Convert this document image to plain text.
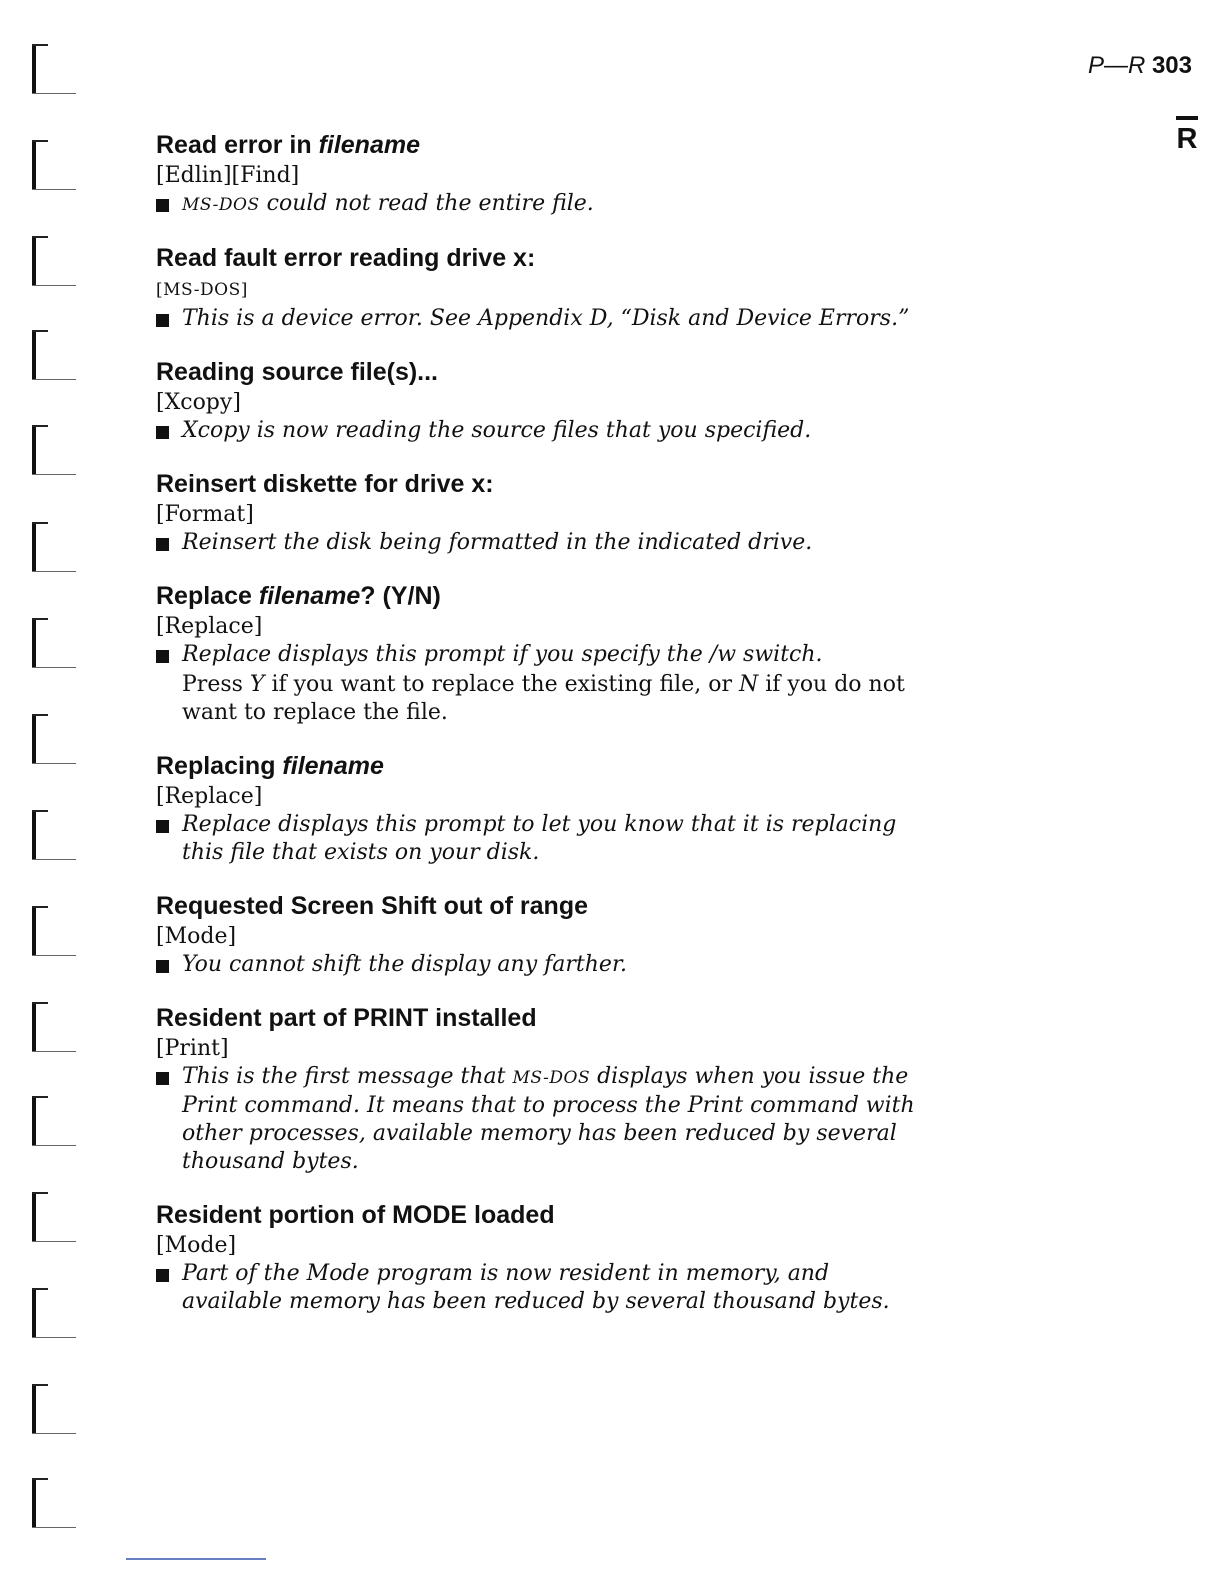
P—R 303
R
Read error in filename

[Edlin][Find]

MS-DOS could not read the entire file.

Read fault error reading drive x:

[MS-DOS]

This is a device error. See Appendix D, “Disk and Device Errors.”

Reading source file(s)...

[Xcopy]

Xcopy is now reading the source files that you specified.

Reinsert diskette for drive x:

[Format]

Reinsert the disk being formatted in the indicated drive.

Replace filename? (Y/N)

[Replace]

Replace displays this prompt if you specify the /w switch.

Press Y if you want to replace the existing file, or N if you do not want to replace the file.

Replacing filename

[Replace]

Replace displays this prompt to let you know that it is replacing this file that exists on your disk.

Requested Screen Shift out of range

[Mode]

You cannot shift the display any farther.

Resident part of PRINT installed

[Print]

This is the first message that MS-DOS displays when you issue the Print command. It means that to process the Print command with other processes, available memory has been reduced by several thousand bytes.

Resident portion of MODE loaded

[Mode]

Part of the Mode program is now resident in memory, and available memory has been reduced by several thousand bytes.
